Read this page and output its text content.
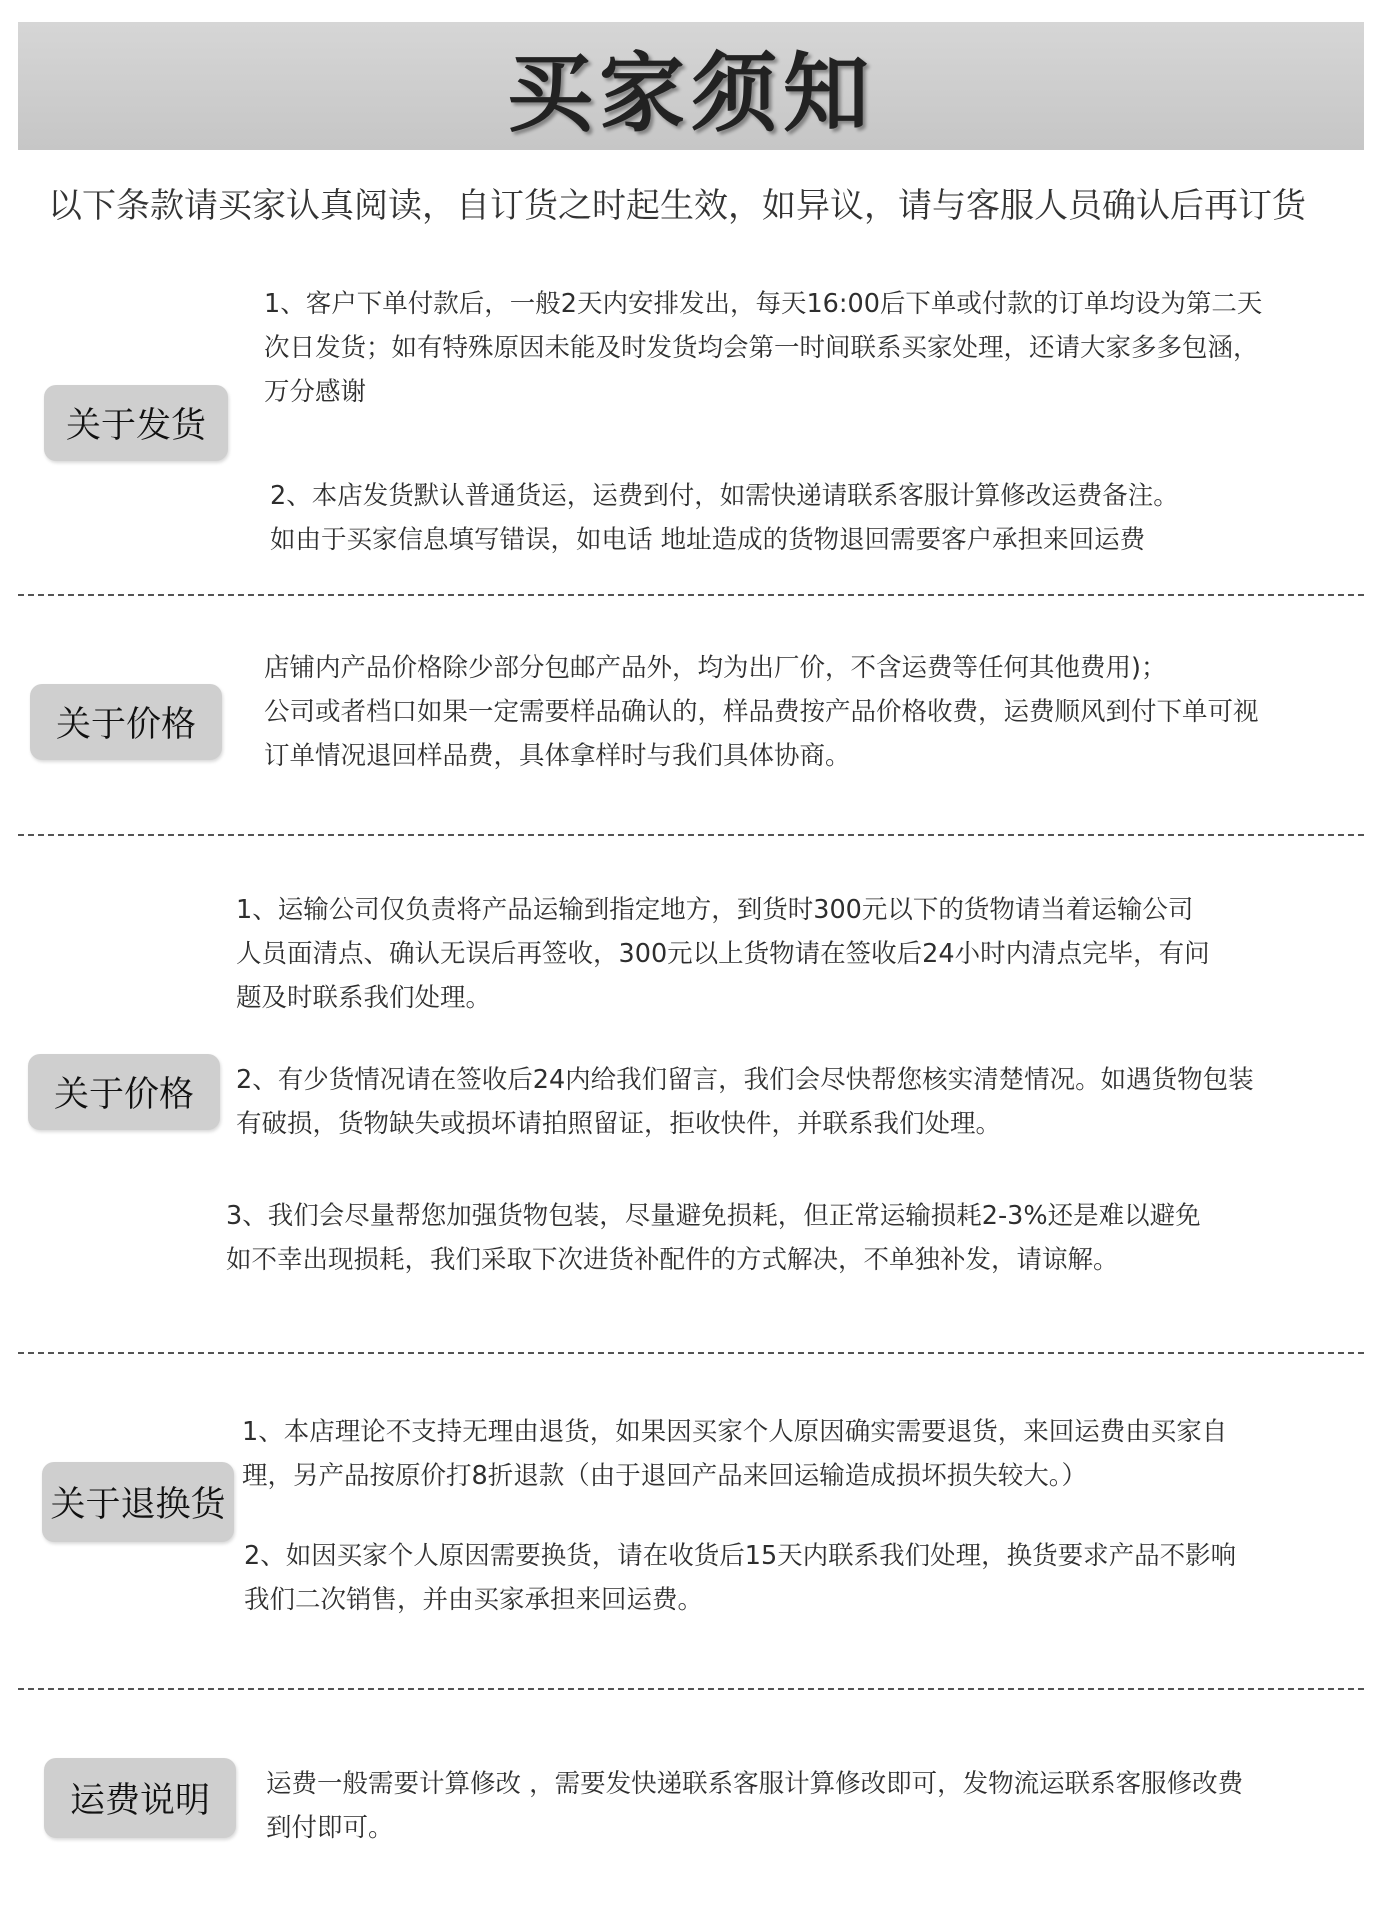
买家须知
以下条款请买家认真阅读，自订货之时起生效，如异议，请与客服人员确认后再订货
关于发货
1、客户下单付款后，一般2天内安排发出，每天16:00后下单或付款的订单均设为第二天
次日发货；如有特殊原因未能及时发货均会第一时间联系买家处理，还请大家多多包涵，
万分感谢
2、本店发货默认普通货运，运费到付，如需快递请联系客服计算修改运费备注。
如由于买家信息填写错误，如电话 地址造成的货物退回需要客户承担来回运费
关于价格
店铺内产品价格除少部分包邮产品外，均为出厂价，不含运费等任何其他费用)；
公司或者档口如果一定需要样品确认的，样品费按产品价格收费，运费顺风到付下单可视
订单情况退回样品费，具体拿样时与我们具体协商。
关于价格
1、运输公司仅负责将产品运输到指定地方，到货时300元以下的货物请当着运输公司
人员面清点、确认无误后再签收，300元以上货物请在签收后24小时内清点完毕，有问
题及时联系我们处理。
2、有少货情况请在签收后24内给我们留言，我们会尽快帮您核实清楚情况。如遇货物包装
有破损，货物缺失或损坏请拍照留证，拒收快件，并联系我们处理。
3、我们会尽量帮您加强货物包装，尽量避免损耗，但正常运输损耗2-3%还是难以避免
如不幸出现损耗，我们采取下次进货补配件的方式解决，不单独补发，请谅解。
关于退换货
1、本店理论不支持无理由退货，如果因买家个人原因确实需要退货，来回运费由买家自
理，另产品按原价打8折退款（由于退回产品来回运输造成损坏损失较大。）
2、如因买家个人原因需要换货，请在收货后15天内联系我们处理，换货要求产品不影响
我们二次销售，并由买家承担来回运费。
运费说明	运费一般需要计算修改 ，需要发快递联系客服计算修改即可，发物流运联系客服修改费
到付即可。
